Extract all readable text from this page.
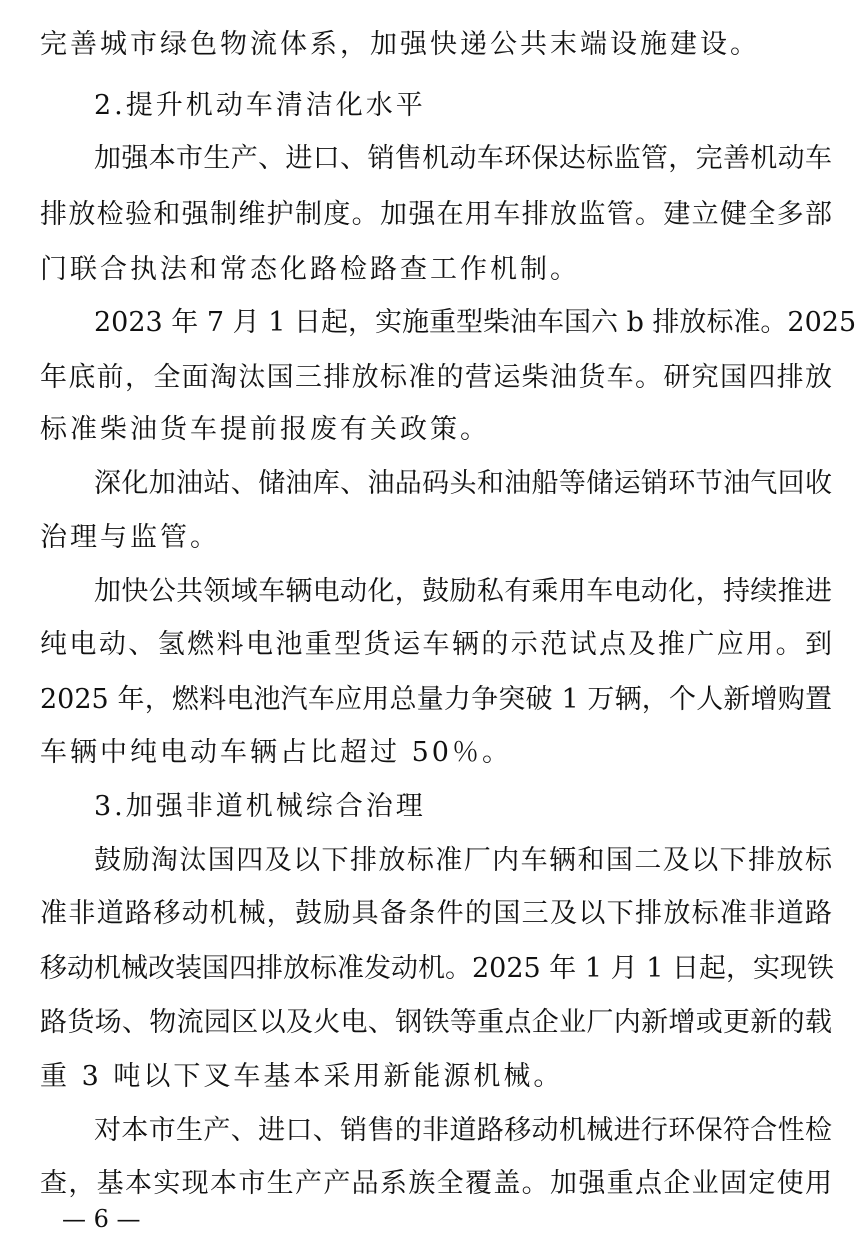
完善城市绿色物流体系，加强快递公共末端设施建设。
2.提升机动车清洁化水平
加强本市生产、进口、销售机动车环保达标监管，完善机动车
排放检验和强制维护制度。加强在用车排放监管。建立健全多部
门联合执法和常态化路检路查工作机制。
2023 年 7 月 1 日起，实施重型柴油车国六 b 排放标准。2025
年底前，全面淘汰国三排放标准的营运柴油货车。研究国四排放
标准柴油货车提前报废有关政策。
深化加油站、储油库、油品码头和油船等储运销环节油气回收
治理与监管。
加快公共领域车辆电动化，鼓励私有乘用车电动化，持续推进
纯电动、氢燃料电池重型货运车辆的示范试点及推广应用。到
2025 年，燃料电池汽车应用总量力争突破 1 万辆，个人新增购置
车辆中纯电动车辆占比超过 50％。
3.加强非道机械综合治理
鼓励淘汰国四及以下排放标准厂内车辆和国二及以下排放标
准非道路移动机械，鼓励具备条件的国三及以下排放标准非道路
移动机械改装国四排放标准发动机。2025 年 1 月 1 日起，实现铁
路货场、物流园区以及火电、钢铁等重点企业厂内新增或更新的载
重 3 吨以下叉车基本采用新能源机械。
对本市生产、进口、销售的非道路移动机械进行环保符合性检
查，基本实现本市生产产品系族全覆盖。加强重点企业固定使用
— 6 —
